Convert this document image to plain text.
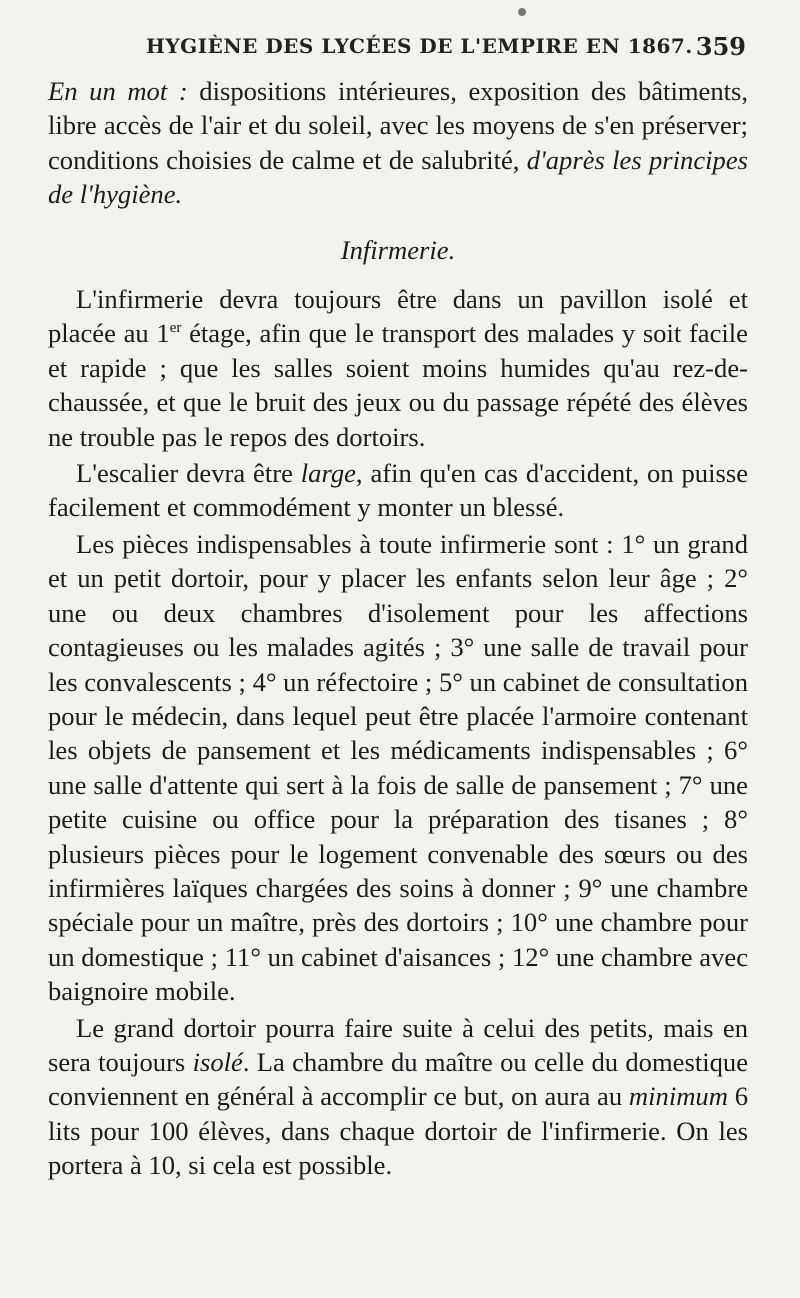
HYGIÈNE DES LYCÉES DE L'EMPIRE EN 1867. 359

En un mot : dispositions intérieures, exposition des bâtiments, libre accès de l'air et du soleil, avec les moyens de s'en préserver; conditions choisies de calme et de salubrité, d'après les principes de l'hygiène.

Infirmerie.

L'infirmerie devra toujours être dans un pavillon isolé et placée au 1er étage, afin que le transport des malades y soit facile et rapide ; que les salles soient moins humides qu'au rez-de-chaussée, et que le bruit des jeux ou du passage répété des élèves ne trouble pas le repos des dortoirs.

L'escalier devra être large, afin qu'en cas d'accident, on puisse facilement et commodément y monter un blessé.

Les pièces indispensables à toute infirmerie sont : 1° un grand et un petit dortoir, pour y placer les enfants selon leur âge ; 2° une ou deux chambres d'isolement pour les affections contagieuses ou les malades agités ; 3° une salle de travail pour les convalescents ; 4° un réfectoire ; 5° un cabinet de consultation pour le médecin, dans lequel peut être placée l'armoire contenant les objets de pansement et les médicaments indispensables ; 6° une salle d'attente qui sert à la fois de salle de pansement ; 7° une petite cuisine ou office pour la préparation des tisanes ; 8° plusieurs pièces pour le logement convenable des sœurs ou des infirmières laïques chargées des soins à donner ; 9° une chambre spéciale pour un maître, près des dortoirs ; 10° une chambre pour un domestique ; 11° un cabinet d'aisances ; 12° une chambre avec baignoire mobile.

Le grand dortoir pourra faire suite à celui des petits, mais en sera toujours isolé. La chambre du maître ou celle du domestique conviennent en général à accomplir ce but, on aura au minimum 6 lits pour 100 élèves, dans chaque dortoir de l'infirmerie. On les portera à 10, si cela est possible.
